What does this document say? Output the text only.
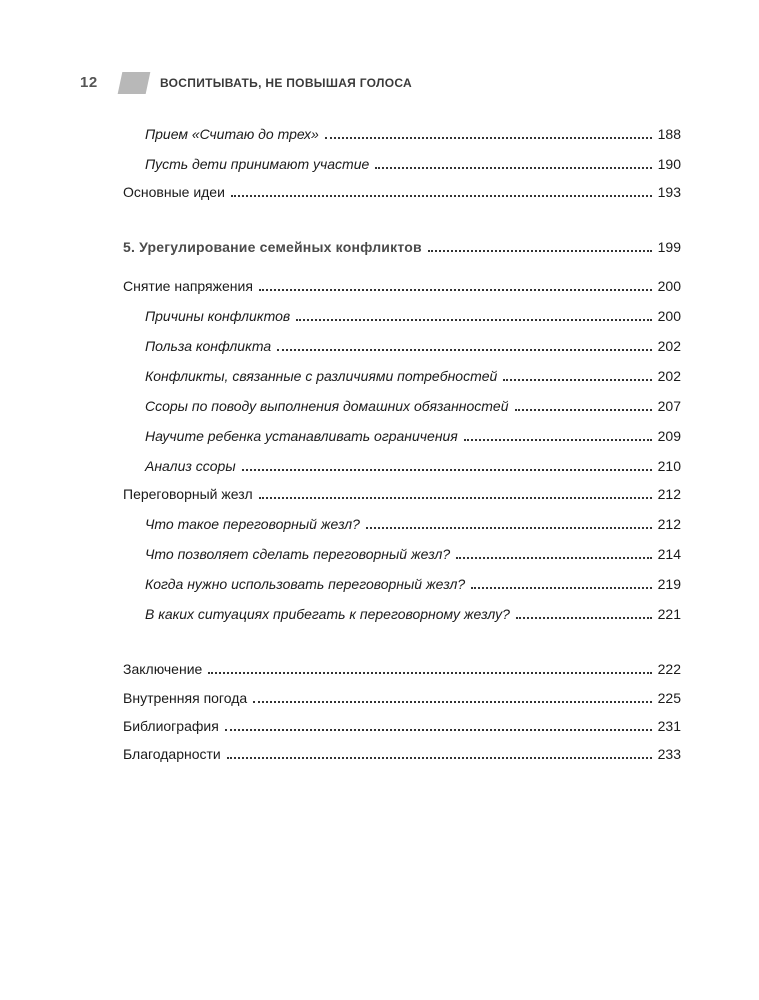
12	ВОСПИТЫВАТЬ, НЕ ПОВЫШАЯ ГОЛОСА
Прием «Считаю до трех»	188
Пусть дети принимают участие	190
Основные идеи	193
5. Урегулирование семейных конфликтов	199
Снятие напряжения	200
Причины конфликтов	200
Польза конфликта	202
Конфликты, связанные с различиями потребностей	202
Ссоры по поводу выполнения домашних обязанностей	207
Научите ребенка устанавливать ограничения	209
Анализ ссоры	210
Переговорный жезл	212
Что такое переговорный жезл?	212
Что позволяет сделать переговорный жезл?	214
Когда нужно использовать переговорный жезл?	219
В каких ситуациях прибегать к переговорному жезлу?	221
Заключение	222
Внутренняя погода	225
Библиография	231
Благодарности	233
